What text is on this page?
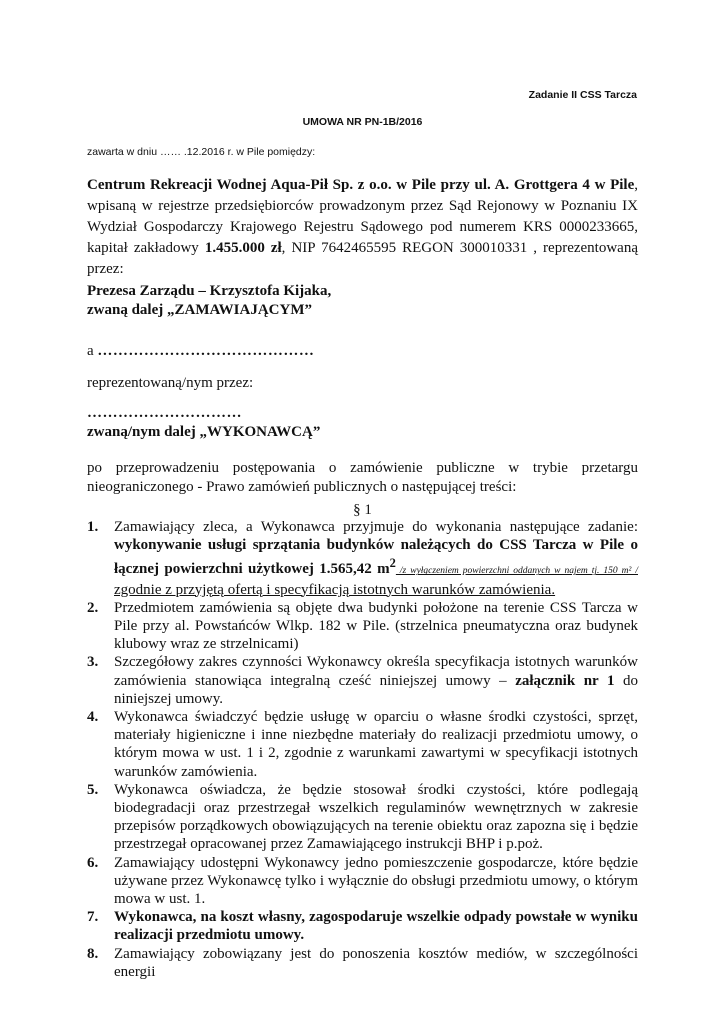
Zadanie II CSS Tarcza
UMOWA NR PN-1B/2016
zawarta w dniu …… .12.2016 r. w Pile pomiędzy:
Centrum Rekreacji Wodnej Aqua-Pił Sp. z o.o. w Pile przy ul. A. Grottgera 4 w Pile, wpisaną w rejestrze przedsiębiorców prowadzonym przez Sąd Rejonowy w Poznaniu IX Wydział Gospodarczy Krajowego Rejestru Sądowego pod numerem KRS 0000233665, kapitał zakładowy 1.455.000 zł, NIP 7642465595 REGON 300010331 , reprezentowaną przez:
Prezesa Zarządu – Krzysztofa Kijaka,
zwaną dalej „ZAMAWIAJĄCYM”
a ……………………………………
reprezentowaną/nym przez:
…………………………
zwaną/nym dalej „WYKONAWCĄ”
po przeprowadzeniu postępowania o zamówienie publiczne w trybie przetargu nieograniczonego - Prawo zamówień publicznych o następującej treści:
§ 1
1. Zamawiający zleca, a Wykonawca przyjmuje do wykonania następujące zadanie: wykonywanie usługi sprzątania budynków należących do CSS Tarcza w Pile o łącznej powierzchni użytkowej 1.565,42 $m^2$ /z wyłączeniem powierzchni oddanych w najem tj. 150 m² / zgodnie z przyjętą ofertą i specyfikacją istotnych warunków zamówienia.
2. Przedmiotem zamówienia są objęte dwa budynki położone na terenie CSS Tarcza w Pile przy al. Powstańców Wlkp. 182 w Pile. (strzelnica pneumatyczna oraz budynek klubowy wraz ze strzelnicami)
3. Szczegółowy zakres czynności Wykonawcy określa specyfikacja istotnych warunków zamówienia stanowiąca integralną cześć niniejszej umowy – załącznik nr 1 do niniejszej umowy.
4. Wykonawca świadczyć będzie usługę w oparciu o własne środki czystości, sprzęt, materiały higieniczne i inne niezbędne materiały do realizacji przedmiotu umowy, o którym mowa w ust. 1 i 2, zgodnie z warunkami zawartymi w specyfikacji istotnych warunków zamówienia.
5. Wykonawca oświadcza, że będzie stosował środki czystości, które podlegają biodegradacji oraz przestrzegał wszelkich regulaminów wewnętrznych w zakresie przepisów porządkowych obowiązujących na terenie obiektu oraz zapozna się i będzie przestrzegał opracowanej przez Zamawiającego instrukcji BHP i p.poż.
6. Zamawiający udostępni Wykonawcy jedno pomieszczenie gospodarcze, które będzie używane przez Wykonawcę tylko i wyłącznie do obsługi przedmiotu umowy, o którym mowa w ust. 1.
7. Wykonawca, na koszt własny, zagospodaruje wszelkie odpady powstałe w wyniku realizacji przedmiotu umowy.
8. Zamawiający zobowiązany jest do ponoszenia kosztów mediów, w szczególności energii
